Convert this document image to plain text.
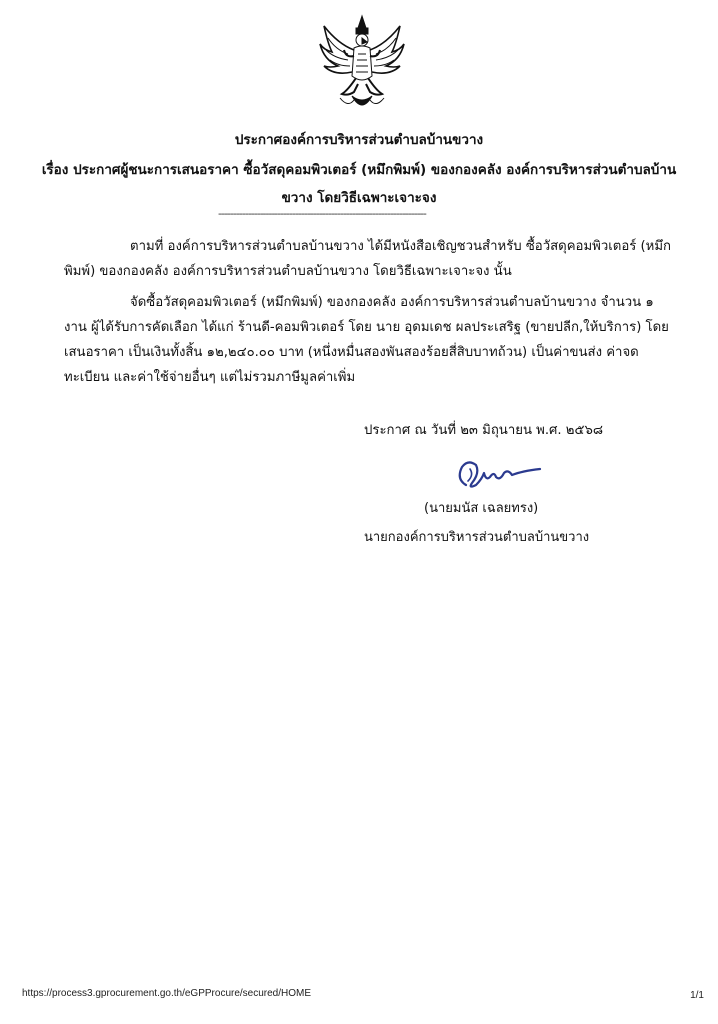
ประกาศองค์การบริหารส่วนตำบลบ้านขวาง
เรื่อง ประกาศผู้ชนะการเสนอราคา ซื้อวัสดุคอมพิวเตอร์ (หมึกพิมพ์) ของกองคลัง องค์การบริหารส่วนตำบลบ้าน
ขวาง โดยวิธีเฉพาะเจาะจง
----------------------------------------------------------------------
ตามที่ องค์การบริหารส่วนตำบลบ้านขวาง ได้มีหนังสือเชิญชวนสำหรับ ซื้อวัสดุคอมพิวเตอร์ (หมึกพิมพ์) ของกองคลัง องค์การบริหารส่วนตำบลบ้านขวาง โดยวิธีเฉพาะเจาะจง นั้น
จัดซื้อวัสดุคอมพิวเตอร์ (หมึกพิมพ์) ของกองคลัง องค์การบริหารส่วนตำบลบ้านขวาง จำนวน ๑ งาน ผู้ได้รับการคัดเลือก ได้แก่ ร้านดี-คอมพิวเตอร์ โดย นาย อุดมเดช ผลประเสริฐ (ขายปลีก,ให้บริการ) โดยเสนอราคา เป็นเงินทั้งสิ้น ๑๒,๒๔๐.๐๐ บาท (หนึ่งหมื่นสองพันสองร้อยสี่สิบบาทถ้วน) เป็นค่าขนส่ง ค่าจดทะเบียน และค่าใช้จ่ายอื่นๆ แต่ไม่รวมภาษีมูลค่าเพิ่ม
ประกาศ ณ วันที่ ๒๓ มิถุนายน พ.ศ. ๒๕๖๘
(นายมนัส เฉลยทรง)
นายกองค์การบริหารส่วนตำบลบ้านขวาง
https://process3.gprocurement.go.th/eGPProcure/secured/HOME	1/1
